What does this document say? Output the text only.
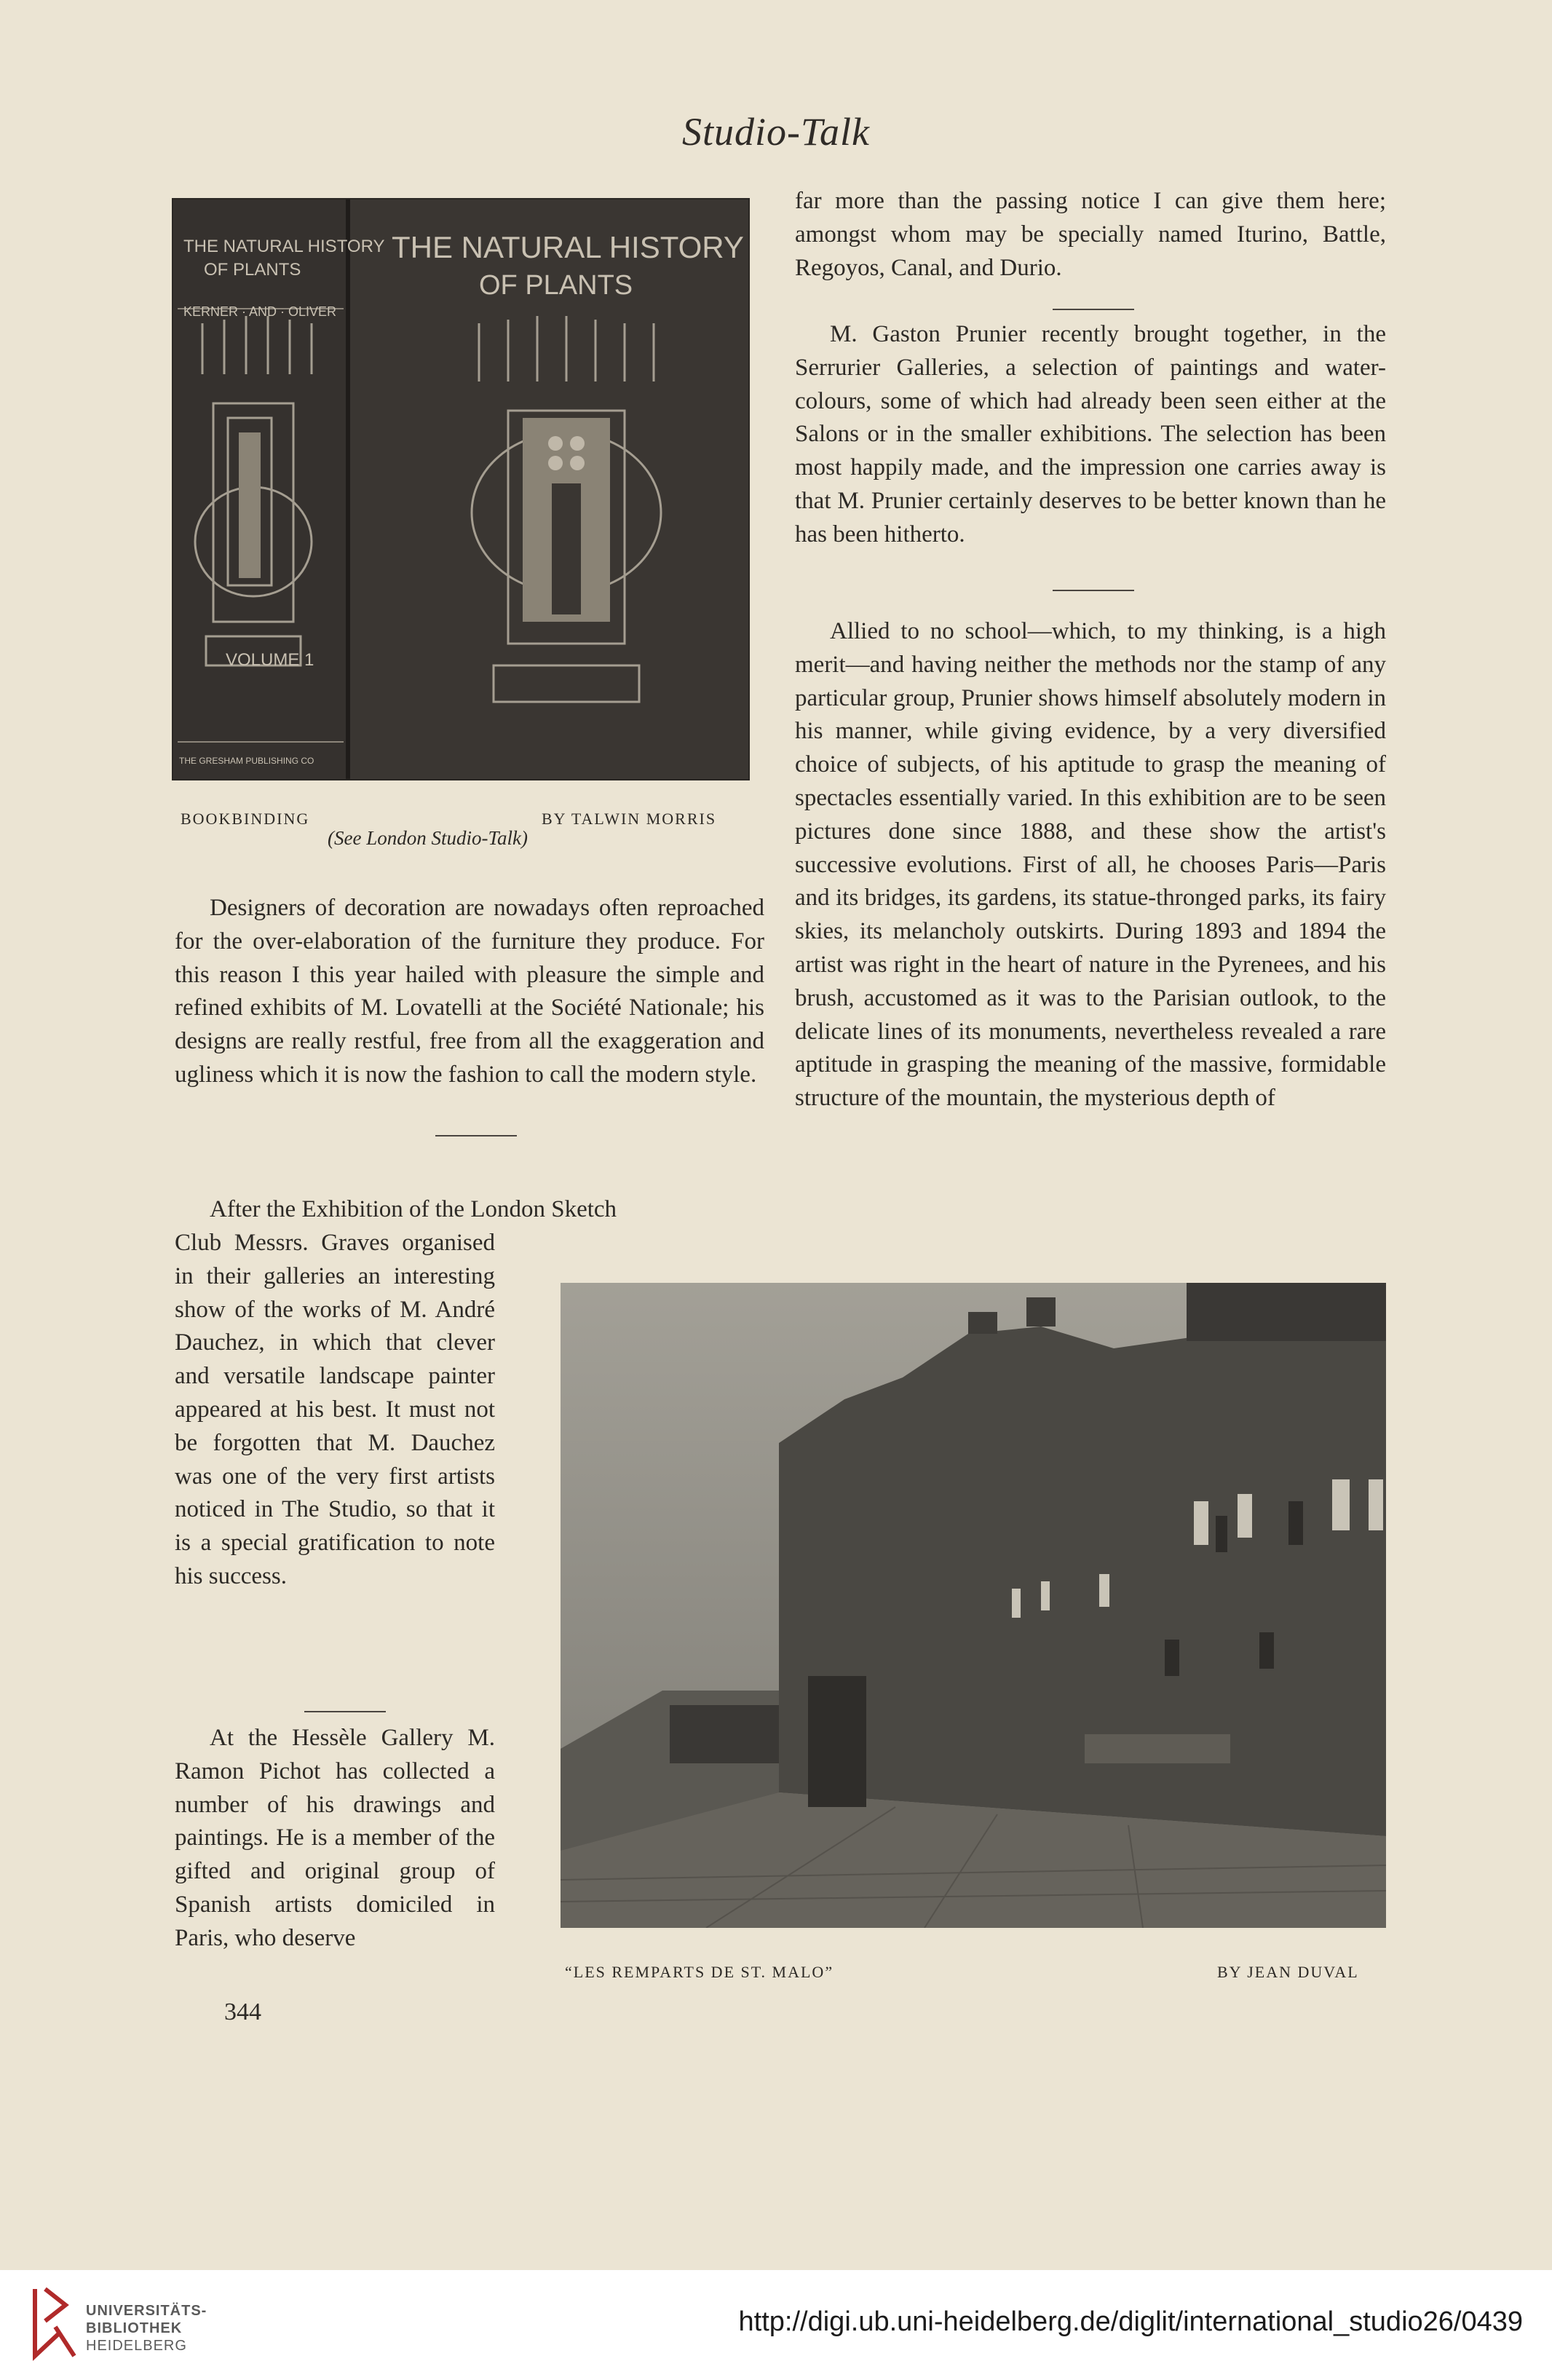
Studio-Talk
THE NATURAL HISTORY
OF PLANTS
KERNER · AND · OLIVER
VOLUME 1
THE GRESHAM PUBLISHING CO
THE NATURAL HISTORY
OF PLANTS
BOOKBINDING	BY TALWIN MORRIS
(See London Studio-Talk)

Designers of decoration are nowadays often reproached for the over-elaboration of the furniture they produce. For this reason I this year hailed with pleasure the simple and refined exhibits of M. Lovatelli at the Société Nationale; his designs are really restful, free from all the exaggeration and ugliness which it is now the fashion to call the modern style.

After the Exhibition of the London Sketch

Club Messrs. Graves organised in their galleries an interesting show of the works of M. André Dauchez, in which that clever and versatile landscape painter appeared at his best. It must not be forgotten that M. Dauchez was one of the very first artists noticed in The Studio, so that it is a special gratification to note his success.

At the Hessèle Gallery M. Ramon Pichot has collected a number of his drawings and paintings. He is a member of the gifted and original group of Spanish artists domiciled in Paris, who deserve

far more than the passing notice I can give them here; amongst whom may be specially named Iturino, Battle, Regoyos, Canal, and Durio.

M. Gaston Prunier recently brought together, in the Serrurier Galleries, a selection of paintings and water-colours, some of which had already been seen either at the Salons or in the smaller exhibitions. The selection has been most happily made, and the impression one carries away is that M. Prunier certainly deserves to be better known than he has been hitherto.

Allied to no school—which, to my thinking, is a high merit—and having neither the methods nor the stamp of any particular group, Prunier shows himself absolutely modern in his manner, while giving evidence, by a very diversified choice of subjects, of his aptitude to grasp the meaning of spectacles essentially varied. In this exhibition are to be seen pictures done since 1888, and these show the artist's successive evolutions. First of all, he chooses Paris—Paris and its bridges, its gardens, its statue-thronged parks, its fairy skies, its melancholy outskirts. During 1893 and 1894 the artist was right in the heart of nature in the Pyrenees, and his brush, accustomed as it was to the Parisian outlook, to the delicate lines of its monuments, nevertheless revealed a rare aptitude in grasping the meaning of the massive, formidable structure of the mountain, the mysterious depth of

“LES REMPARTS DE ST. MALO”	BY JEAN DUVAL
344
UNIVERSITÄTS-
BIBLIOTHEK
HEIDELBERG
http://digi.ub.uni-heidelberg.de/diglit/international_studio26/0439
